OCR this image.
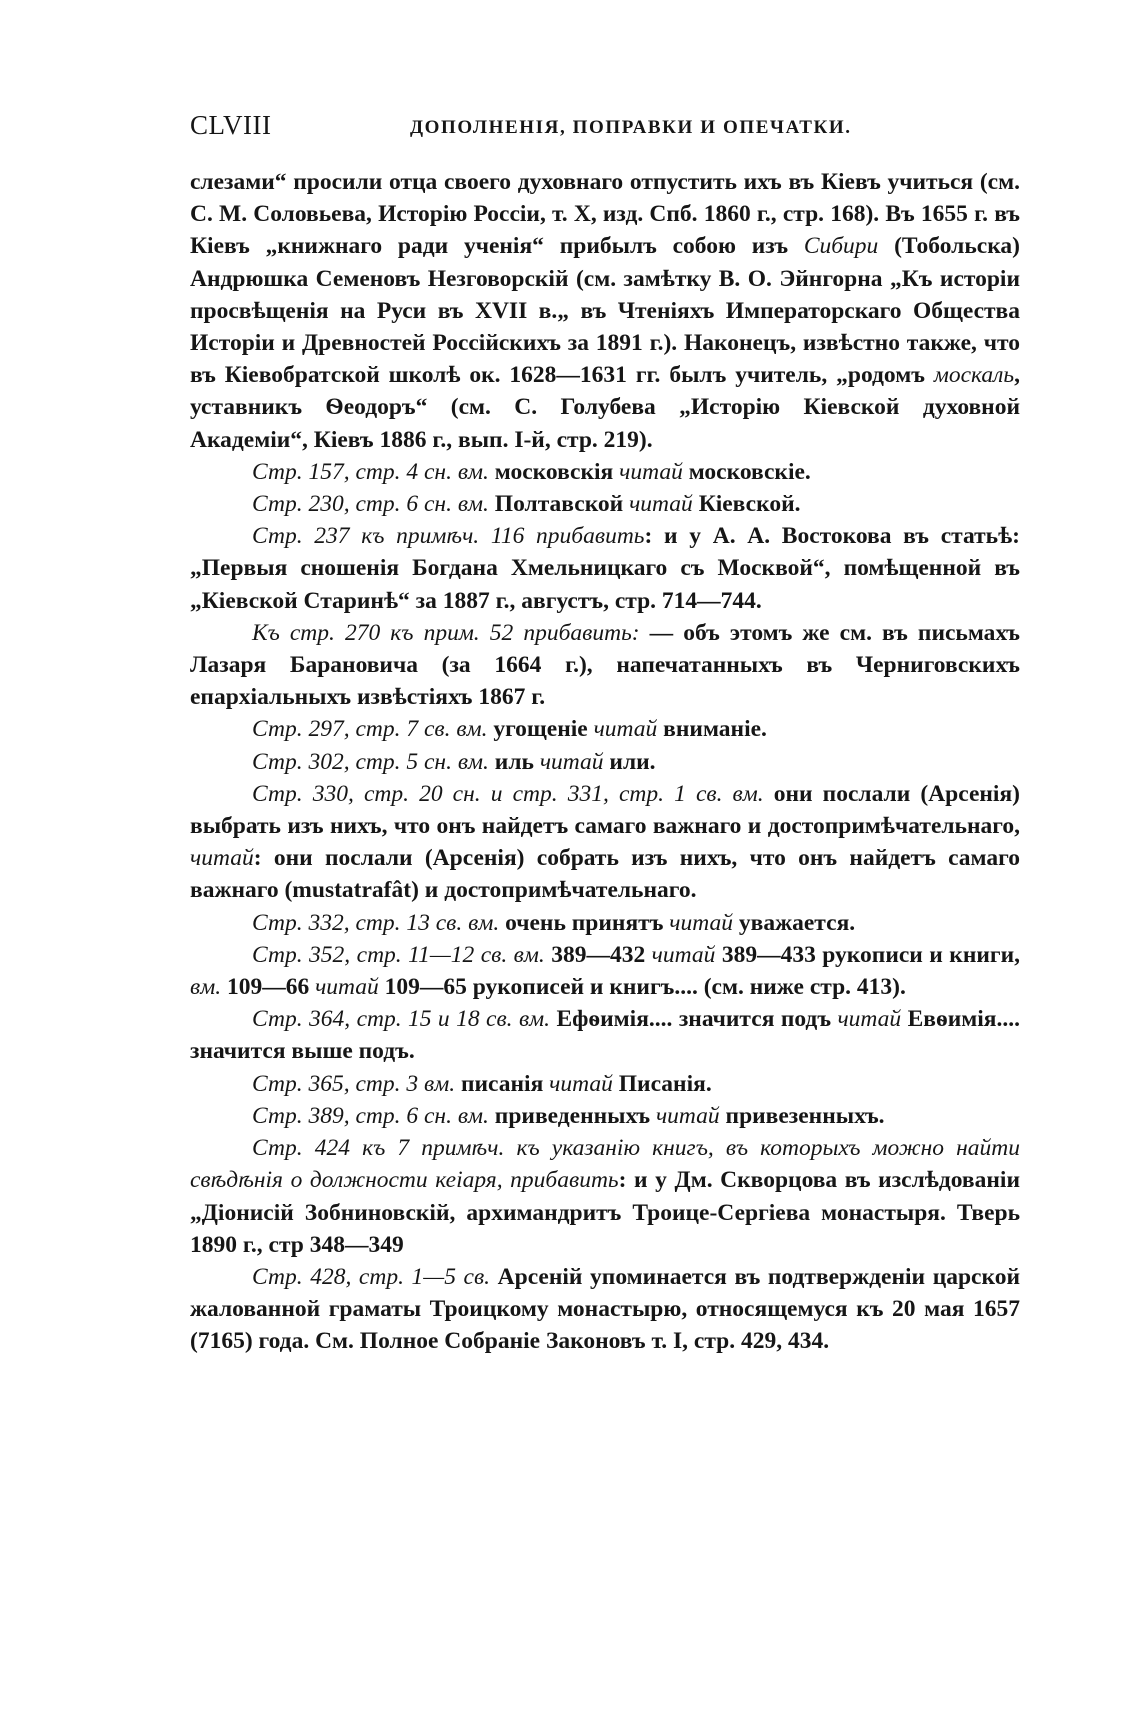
CLVIII	ДОПОЛНЕНІЯ, ПОПРАВКИ И ОПЕЧАТКИ.

слезами“ просили отца своего духовнаго отпустить ихъ въ Кіевъ учиться (см. С. М. Соловьева, Исторію Россіи, т. X, изд. Спб. 1860 г., стр. 168). Въ 1655 г. въ Кіевъ „книжнаго ради ученія“ прибылъ собою изъ Сибири (Тобольска) Андрюшка Семеновъ Незговорскій (см. замѣтку В. О. Эйнгорна „Къ исторіи просвѣщенія на Руси въ XVII в.„ въ Чтеніяхъ Императорскаго Общества Исторіи и Древностей Россійскихъ за 1891 г.). Наконецъ, извѣстно также, что въ Кіевобратской школѣ ок. 1628—1631 гг. былъ учитель, „родомъ москаль, уставникъ Ѳеодоръ“ (см. С. Голубева „Исторію Кіевской духовной Академіи“, Кіевъ 1886 г., вып. I-й, стр. 219).

Стр. 157, стр. 4 сн. вм. московскія читай московскіе.

Стр. 230, стр. 6 сн. вм. Полтавской читай Кіевской.

Стр. 237 къ примѣч. 116 прибавить: и у А. А. Востокова въ статьѣ: „Первыя сношенія Богдана Хмельницкаго съ Москвой“, помѣщенной въ „Кіевской Старинѣ“ за 1887 г., августъ, стр. 714—744.

Къ стр. 270 къ прим. 52 прибавить: — объ этомъ же см. въ письмахъ Лазаря Барановича (за 1664 г.), напечатанныхъ въ Черниговскихъ епархіальныхъ извѣстіяхъ 1867 г.

Стр. 297, стр. 7 св. вм. угощеніе читай вниманіе.

Стр. 302, стр. 5 сн. вм. иль читай или.

Стр. 330, стр. 20 сн. и стр. 331, стр. 1 св. вм. они послали (Арсенія) выбрать изъ нихъ, что онъ найдетъ самаго важнаго и достопримѣчательнаго, читай: они послали (Арсенія) собрать изъ нихъ, что онъ найдетъ самаго важнаго (mustatrafât) и достопримѣчательнаго.

Стр. 332, стр. 13 св. вм. очень принятъ читай уважается.

Стр. 352, стр. 11—12 св. вм. 389—432 читай 389—433 рукописи и книги, вм. 109—66 читай 109—65 рукописей и книгъ.... (см. ниже стр. 413).

Стр. 364, стр. 15 и 18 св. вм. Ефѳимія.... значится подъ читай Евѳимія.... значится выше подъ.

Стр. 365, стр. 3 вм. писанія читай Писанія.

Стр. 389, стр. 6 сн. вм. приведенныхъ читай привезенныхъ.

Стр. 424 къ 7 примѣч. къ указанію книгъ, въ которыхъ можно найти свѣдѣнія о должности кеіаря, прибавить: и у Дм. Скворцова въ изслѣдованіи „Діонисій Зобниновскій, архимандритъ Троице-Сергіева монастыря. Тверь 1890 г., стр 348—349

Стр. 428, стр. 1—5 св. Арсеній упоминается въ подтвержденіи царской жалованной граматы Троицкому монастырю, относящемуся къ 20 мая 1657 (7165) года. См. Полное Собраніе Законовъ т. I, стр. 429, 434.
